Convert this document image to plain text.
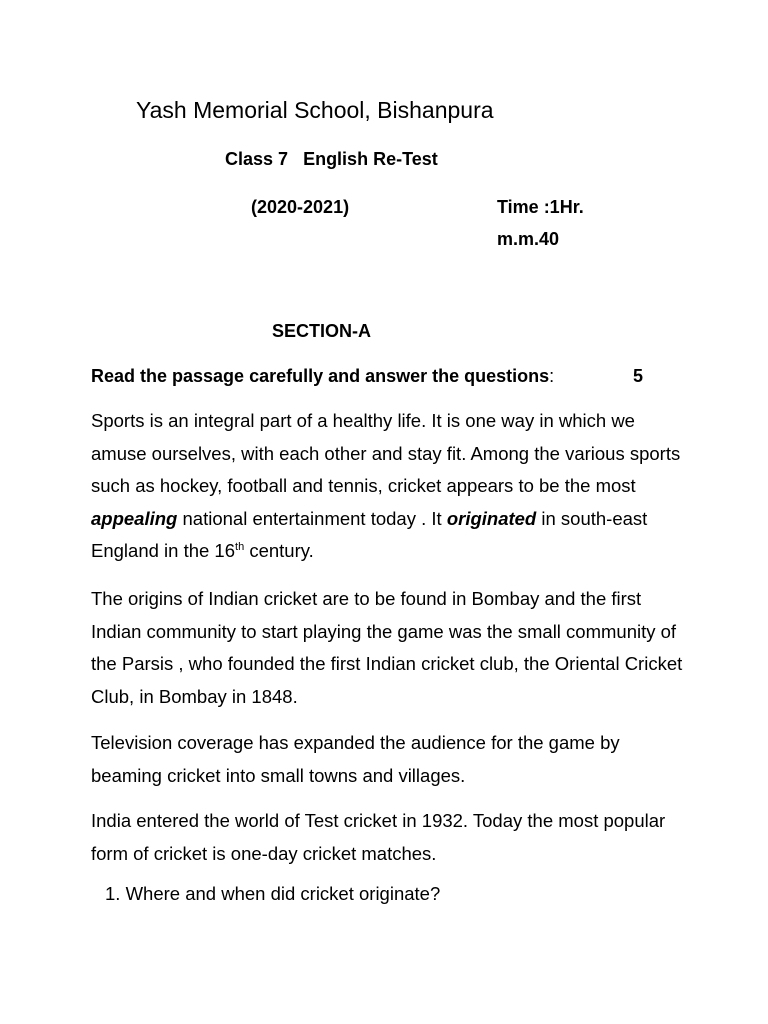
Yash Memorial School, Bishanpura
Class 7 English Re-Test
(2020-2021)	Time :1Hr.
m.m.40
SECTION-A
Read the passage carefully and answer the questions:	5

Sports is an integral part of a healthy life. It is one way in which we amuse ourselves, with each other and stay fit. Among the various sports such as hockey, football and tennis, cricket appears to be the most appealing national entertainment today . It originated in south-east England in the 16th century.

The origins of Indian cricket are to be found in Bombay and the first Indian community to start playing the game was the small community of the Parsis , who founded the first Indian cricket club, the Oriental Cricket Club, in Bombay in 1848.

Television coverage has expanded the audience for the game by beaming cricket into small towns and villages.

India entered the world of Test cricket in 1932. Today the most popular form of cricket is one-day cricket matches.

1. Where and when did cricket originate?
